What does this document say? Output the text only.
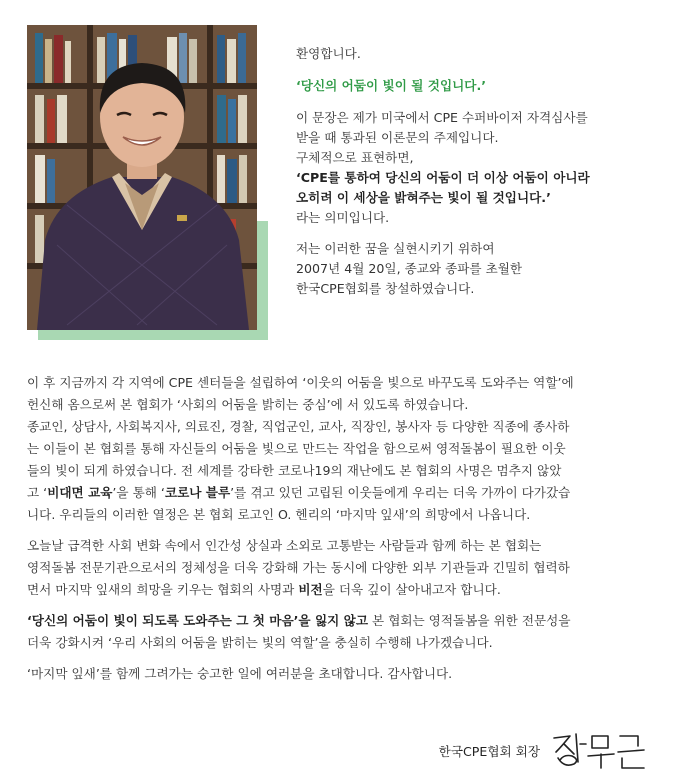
환영합니다.

‘당신의 어둠이 빛이 될 것입니다.’

이 문장은 제가 미국에서 CPE 수퍼바이저 자격심사를

받을 때 통과된 이론문의 주제입니다.

구체적으로 표현하면,

‘CPE를 통하여 당신의 어둠이 더 이상 어둠이 아니라

오히려 이 세상을 밝혀주는 빛이 될 것입니다.’

라는 의미입니다.

저는 이러한 꿈을 실현시키기 위하여

2007년 4월 20일, 종교와 종파를 초월한

한국CPE협회를 창설하였습니다.

이 후 지금까지 각 지역에 CPE 센터들을 설립하여 ‘이웃의 어둠을 빛으로 바꾸도록 도와주는 역할’에

헌신해 옴으로써 본 협회가 ‘사회의 어둠을 밝히는 중심’에 서 있도록 하였습니다.

종교인, 상담사, 사회복지사, 의료진, 경찰, 직업군인, 교사, 직장인, 봉사자 등 다양한 직종에 종사하

는 이들이 본 협회를 통해 자신들의 어둠을 빛으로 만드는 작업을 함으로써 영적돌봄이 필요한 이웃

들의 빛이 되게 하였습니다. 전 세계를 강타한 코로나19의 재난에도 본 협회의 사명은 멈추지 않았

고 ‘비대면 교육’을 통해 ‘코로나 블루’를 겪고 있던 고립된 이웃들에게 우리는 더욱 가까이 다가갔습

니다. 우리들의 이러한 열정은 본 협회 로고인 O. 헨리의 ‘마지막 잎새’의 희망에서 나옵니다.

오늘날 급격한 사회 변화 속에서 인간성 상실과 소외로 고통받는 사람들과 함께 하는 본 협회는

영적돌봄 전문기관으로서의 정체성을 더욱 강화해 가는 동시에 다양한 외부 기관들과 긴밀히 협력하

면서 마지막 잎새의 희망을 키우는 협회의 사명과 비전을 더욱 깊이 살아내고자 합니다.

‘당신의 어둠이 빛이 되도록 도와주는 그 첫 마음’을 잃지 않고 본 협회는 영적돌봄을 위한 전문성을

더욱 강화시켜 ‘우리 사회의 어둠을 밝히는 빛의 역할’을 충실히 수행해 나가겠습니다.

‘마지막 잎새’를 함께 그려가는 숭고한 일에 여러분을 초대합니다. 감사합니다.

한국CPE협회 회장
